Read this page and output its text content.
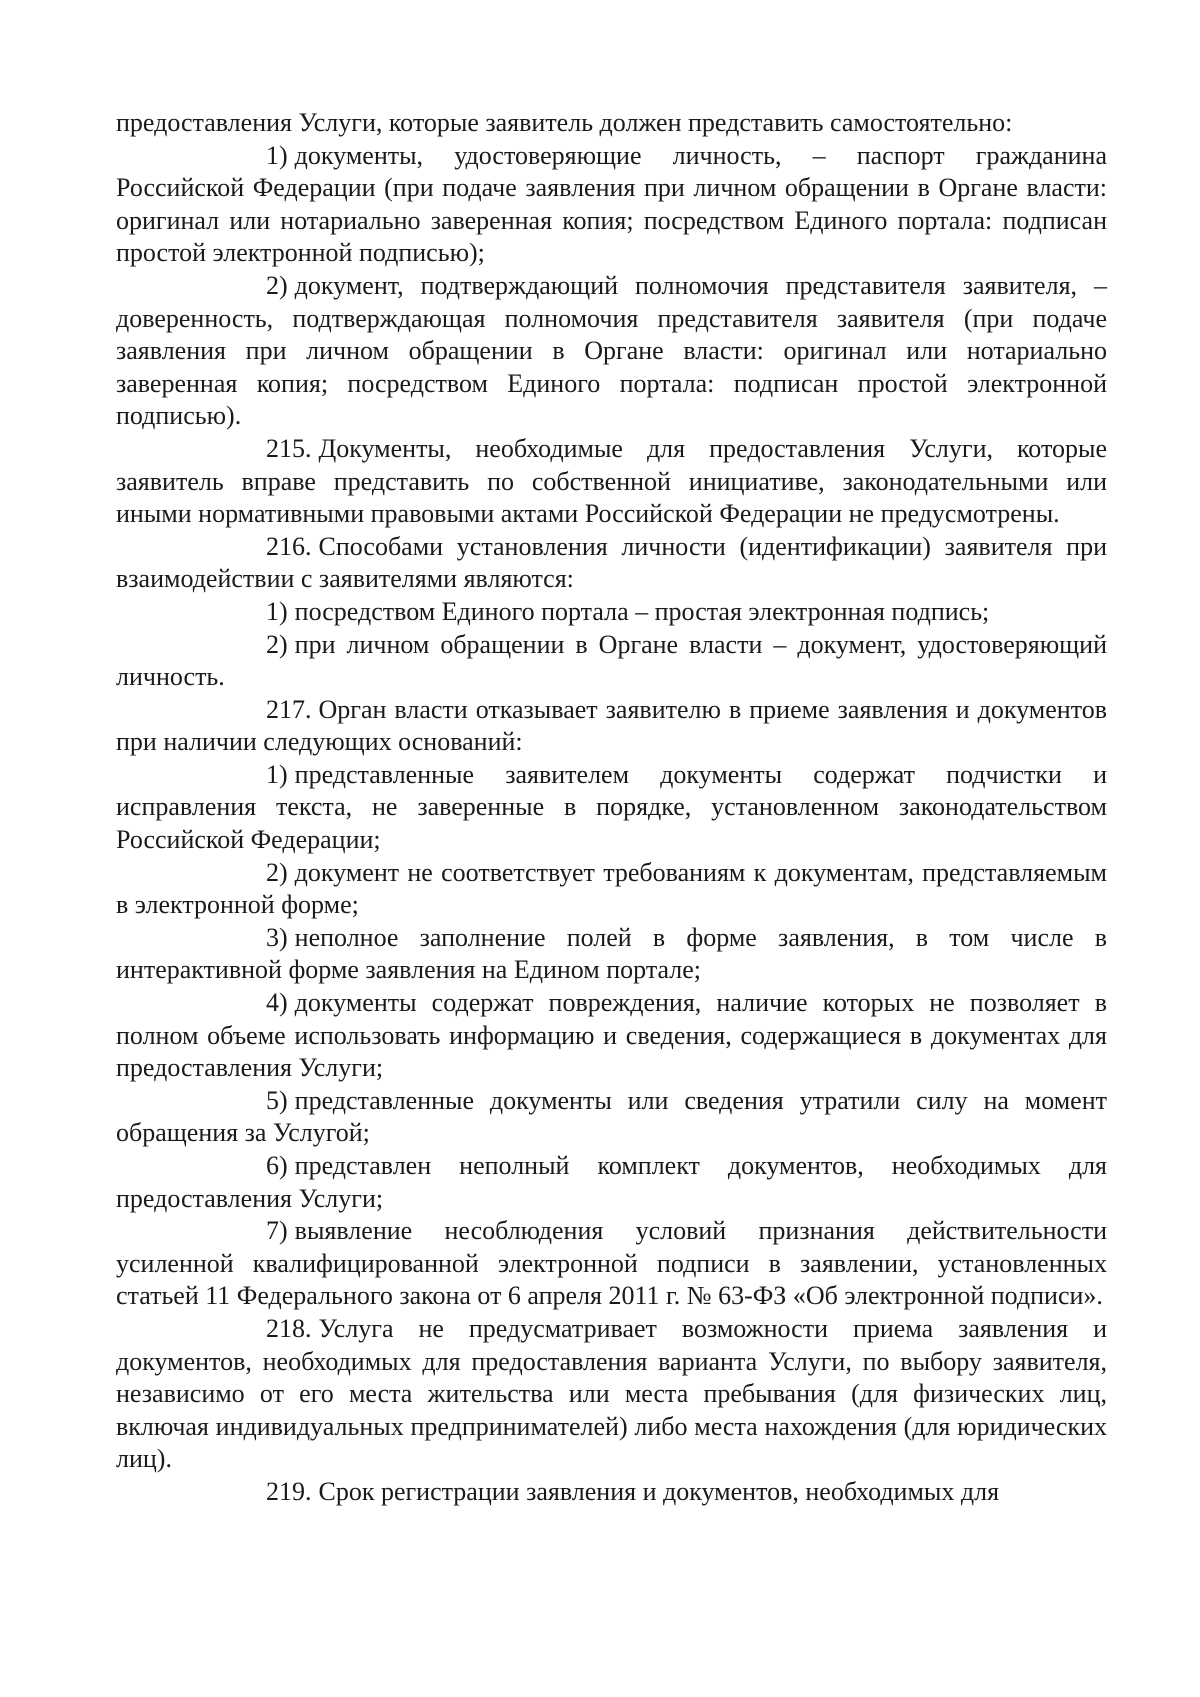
предоставления Услуги, которые заявитель должен представить самостоятельно:

1) документы, удостоверяющие личность, – паспорт гражданина Российской Федерации (при подаче заявления при личном обращении в Органе власти: оригинал или нотариально заверенная копия; посредством Единого портала: подписан простой электронной подписью);

2) документ, подтверждающий полномочия представителя заявителя, – доверенность, подтверждающая полномочия представителя заявителя (при подаче заявления при личном обращении в Органе власти: оригинал или нотариально заверенная копия; посредством Единого портала: подписан простой электронной подписью).

215. Документы, необходимые для предоставления Услуги, которые заявитель вправе представить по собственной инициативе, законодательными или иными нормативными правовыми актами Российской Федерации не предусмотрены.

216. Способами установления личности (идентификации) заявителя при взаимодействии с заявителями являются:

1) посредством Единого портала – простая электронная подпись;

2) при личном обращении в Органе власти – документ, удостоверяющий личность.

217. Орган власти отказывает заявителю в приеме заявления и документов при наличии следующих оснований:

1) представленные заявителем документы содержат подчистки и исправления текста, не заверенные в порядке, установленном законодательством Российской Федерации;

2) документ не соответствует требованиям к документам, представляемым в электронной форме;

3) неполное заполнение полей в форме заявления, в том числе в интерактивной форме заявления на Едином портале;

4) документы содержат повреждения, наличие которых не позволяет в полном объеме использовать информацию и сведения, содержащиеся в документах для предоставления Услуги;

5) представленные документы или сведения утратили силу на момент обращения за Услугой;

6) представлен неполный комплект документов, необходимых для предоставления Услуги;

7) выявление несоблюдения условий признания действительности усиленной квалифицированной электронной подписи в заявлении, установленных статьей 11 Федерального закона от 6 апреля 2011 г. № 63-ФЗ «Об электронной подписи».

218. Услуга не предусматривает возможности приема заявления и документов, необходимых для предоставления варианта Услуги, по выбору заявителя, независимо от его места жительства или места пребывания (для физических лиц, включая индивидуальных предпринимателей) либо места нахождения (для юридических лиц).

219. Срок регистрации заявления и документов, необходимых для
